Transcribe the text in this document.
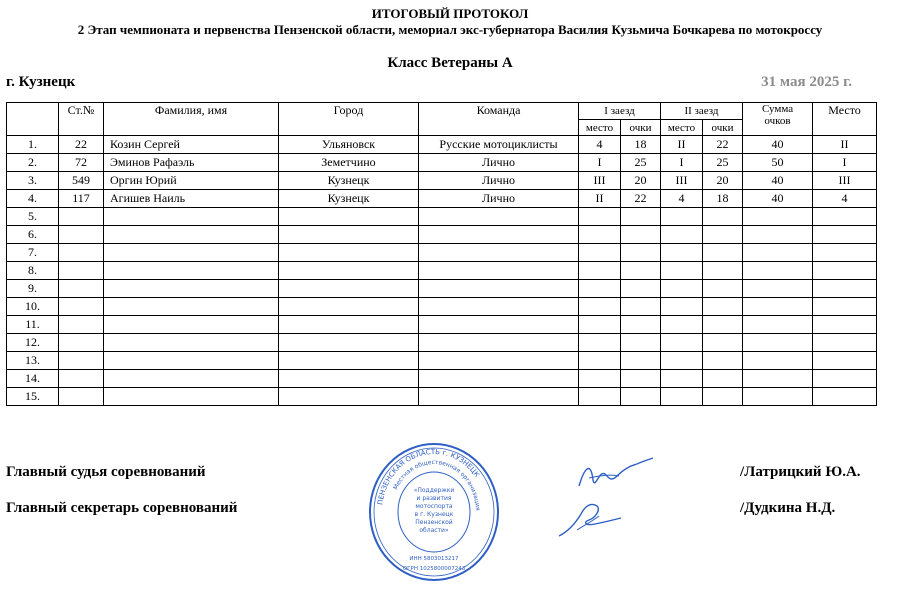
ИТОГОВЫЙ ПРОТОКОЛ
2 Этап чемпионата и первенства Пензенской области, мемориал экс-губернатора Василия Кузьмича Бочкарева по мотокроссу
Класс Ветераны А
г. Кузнецк	31 мая 2025 г.
	Ст.№	Фамилия, имя	Город	Команда	I заезд		II заезд		Сумма
очков	Место
					место	очки	место	очки		
1.	22	Козин Сергей	Ульяновск	Русские мотоциклисты	4	18	II	22	40	II
2.	72	Эминов Рафаэль	Земетчино	Лично	I	25	I	25	50	I
3.	549	Оргин Юрий	Кузнецк	Лично	III	20	III	20	40	III
4.	117	Агишев Наиль	Кузнецк	Лично	II	22	4	18	40	4
5.										
6.										
7.										
8.										
9.										
10.										
11.										
12.										
13.										
14.										
15.										
Главный судья соревнований	/Латрицкий Ю.А.
Главный секретарь соревнований	/Дудкина Н.Д.
ПЕНЗЕНСКАЯ ОБЛАСТЬ г. КУЗНЕЦК
Местная общественная организация
«Поддержки
и развития
мотоспорта
в г. Кузнецк
Пензенской
области»
ИНН 5803013217
ОГРН 1025800007243
